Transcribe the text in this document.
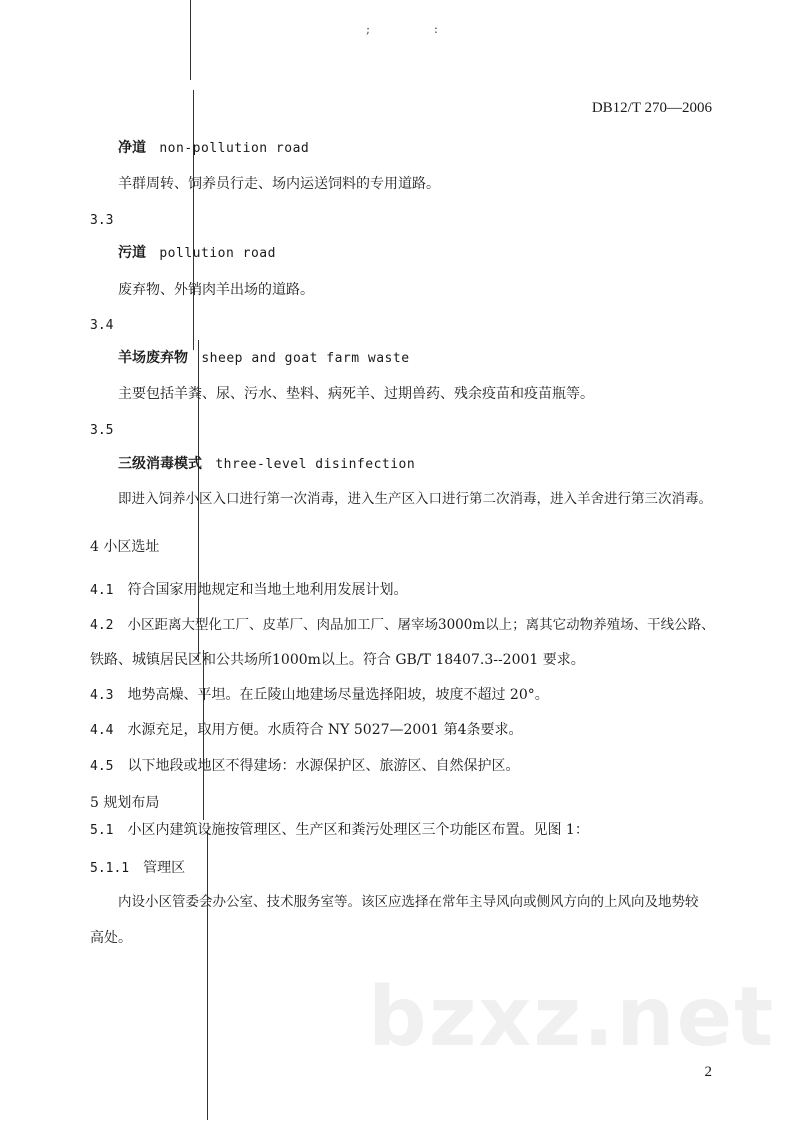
; :
DB12/T 270—2006
净道 non-pollution road
羊群周转、饲养员行走、场内运送饲料的专用道路。
3.3
污道 pollution road
废弃物、外销肉羊出场的道路。
3.4
羊场废弃物 sheep and goat farm waste
主要包括羊粪、尿、污水、垫料、病死羊、过期兽药、残余疫苗和疫苗瓶等。
3.5
三级消毒模式 three-level disinfection
即进入饲养小区入口进行第一次消毒，进入生产区入口进行第二次消毒，进入羊舍进行第三次消毒。
4 小区选址
4.1 符合国家用地规定和当地土地利用发展计划。
4.2 小区距离大型化工厂、皮革厂、肉品加工厂、屠宰场3000m以上；离其它动物养殖场、干线公路、
铁路、城镇居民区和公共场所1000m以上。符合 GB/T 18407.3--2001 要求。
4.3 地势高燥、平坦。在丘陵山地建场尽量选择阳坡，坡度不超过 20°。
4.4 水源充足，取用方便。水质符合 NY 5027—2001 第4条要求。
4.5 以下地段或地区不得建场：水源保护区、旅游区、自然保护区。
5 规划布局
5.1 小区内建筑设施按管理区、生产区和粪污处理区三个功能区布置。见图 1：
5.1.1 管理区
内设小区管委会办公室、技术服务室等。该区应选择在常年主导风向或侧风方向的上风向及地势较
高处。
bzxz.net
2
